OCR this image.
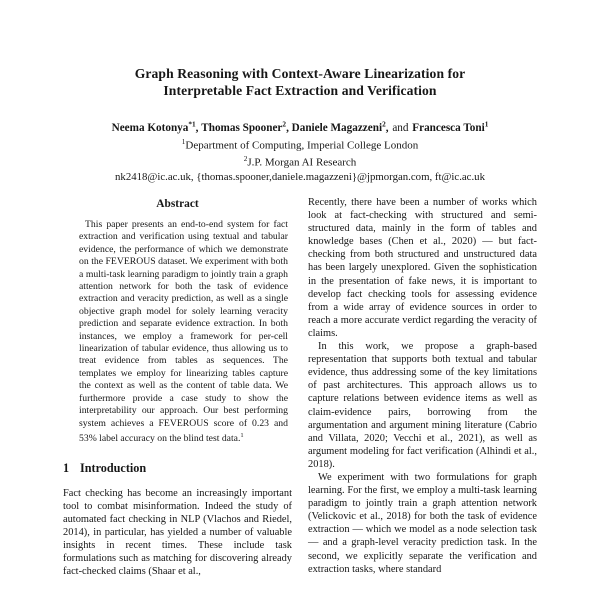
Graph Reasoning with Context-Aware Linearization for
Interpretable Fact Extraction and Verification
Neema Kotonya$^{*1}$, Thomas Spooner$^2$, Daniele Magazzeni$^2$, and Francesca Toni$^1$
$^1$Department of Computing, Imperial College London
$^2$J.P. Morgan AI Research
nk2418@ic.ac.uk, {thomas.spooner,daniele.magazzeni}@jpmorgan.com, ft@ic.ac.uk
Abstract

This paper presents an end-to-end system for fact extraction and verification using textual and tabular evidence, the performance of which we demonstrate on the FEVEROUS dataset. We experiment with both a multi-task learning paradigm to jointly train a graph attention network for both the task of evidence extraction and veracity prediction, as well as a single objective graph model for solely learning veracity prediction and separate evidence extraction. In both instances, we employ a framework for per-cell linearization of tabular evidence, thus allowing us to treat evidence from tables as sequences. The templates we employ for linearizing tables capture the context as well as the content of table data. We furthermore provide a case study to show the interpretability our approach. Our best performing system achieves a FEVEROUS score of 0.23 and 53% label accuracy on the blind test data.$^1$

1 Introduction

Fact checking has become an increasingly important tool to combat misinformation. Indeed the study of automated fact checking in NLP (Vlachos and Riedel, 2014), in particular, has yielded a number of valuable insights in recent times. These include task formulations such as matching for discovering already fact-checked claims (Shaar et al.,

Recently, there have been a number of works which look at fact-checking with structured and semi-structured data, mainly in the form of tables and knowledge bases (Chen et al., 2020) — but fact-checking from both structured and unstructured data has been largely unexplored. Given the sophistication in the presentation of fake news, it is important to develop fact checking tools for assessing evidence from a wide array of evidence sources in order to reach a more accurate verdict regarding the veracity of claims.

In this work, we propose a graph-based representation that supports both textual and tabular evidence, thus addressing some of the key limitations of past architectures. This approach allows us to capture relations between evidence items as well as claim-evidence pairs, borrowing from the argumentation and argument mining literature (Cabrio and Villata, 2020; Vecchi et al., 2021), as well as argument modeling for fact verification (Alhindi et al., 2018).

We experiment with two formulations for graph learning. For the first, we employ a multi-task learning paradigm to jointly train a graph attention network (Velickovic et al., 2018) for both the task of evidence extraction — which we model as a node selection task — and a graph-level veracity prediction task. In the second, we explicitly separate the verification and extraction tasks, where standard
